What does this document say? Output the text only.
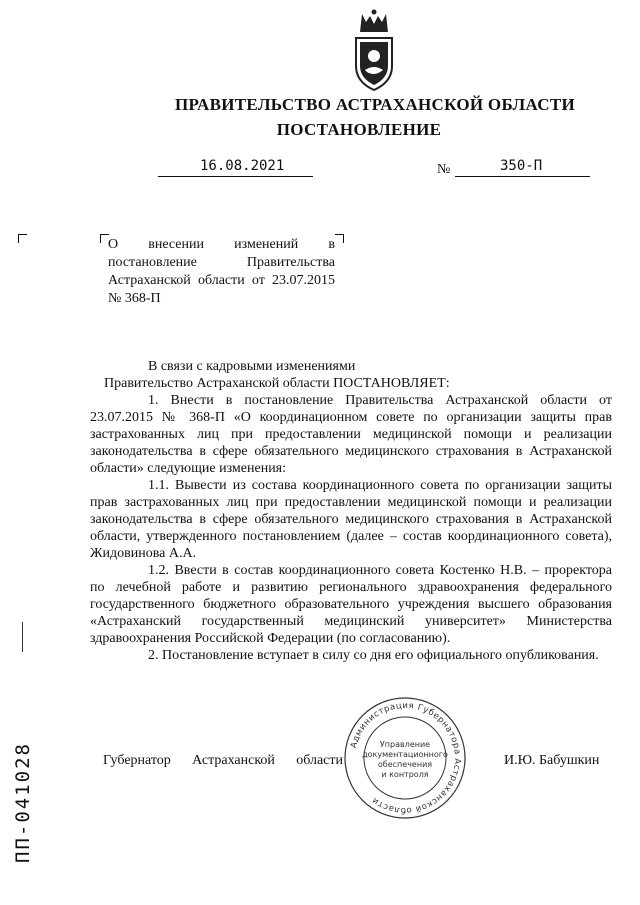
ПРАВИТЕЛЬСТВО АСТРАХАНСКОЙ ОБЛАСТИ
ПОСТАНОВЛЕНИЕ
16.08.2021	№	350-П
О внесении изменений в постановление Правительства Астраханской области от 23.07.2015 № 368-П

В связи с кадровыми изменениями

Правительство Астраханской области ПОСТАНОВЛЯЕТ:

1. Внести в постановление Правительства Астраханской области от 23.07.2015 № 368-П «О координационном совете по организации защиты прав застрахованных лиц при предоставлении медицинской помощи и реализации законодательства в сфере обязательного медицинского страхования в Астраханской области» следующие изменения:

1.1. Вывести из состава координационного совета по организации защиты прав застрахованных лиц при предоставлении медицинской помощи и реализации законодательства в сфере обязательного медицинского страхования в Астраханской области, утвержденного постановлением (далее – состав координационного совета), Жидовинова А.А.

1.2. Ввести в состав координационного совета Костенко Н.В. – проректора по лечебной работе и развитию регионального здравоохранения федерального государственного бюджетного образовательного учреждения высшего образования «Астраханский государственный медицинский университет» Министерства здравоохранения Российской Федерации (по согласованию).

2. Постановление вступает в силу со дня его официального опубликования.

Губернатор Астраханской области	И.Ю. Бабушкин
Администрация Губернатора Астраханской области
Управление
документационного
обеспечения
и контроля
ПП-041028
